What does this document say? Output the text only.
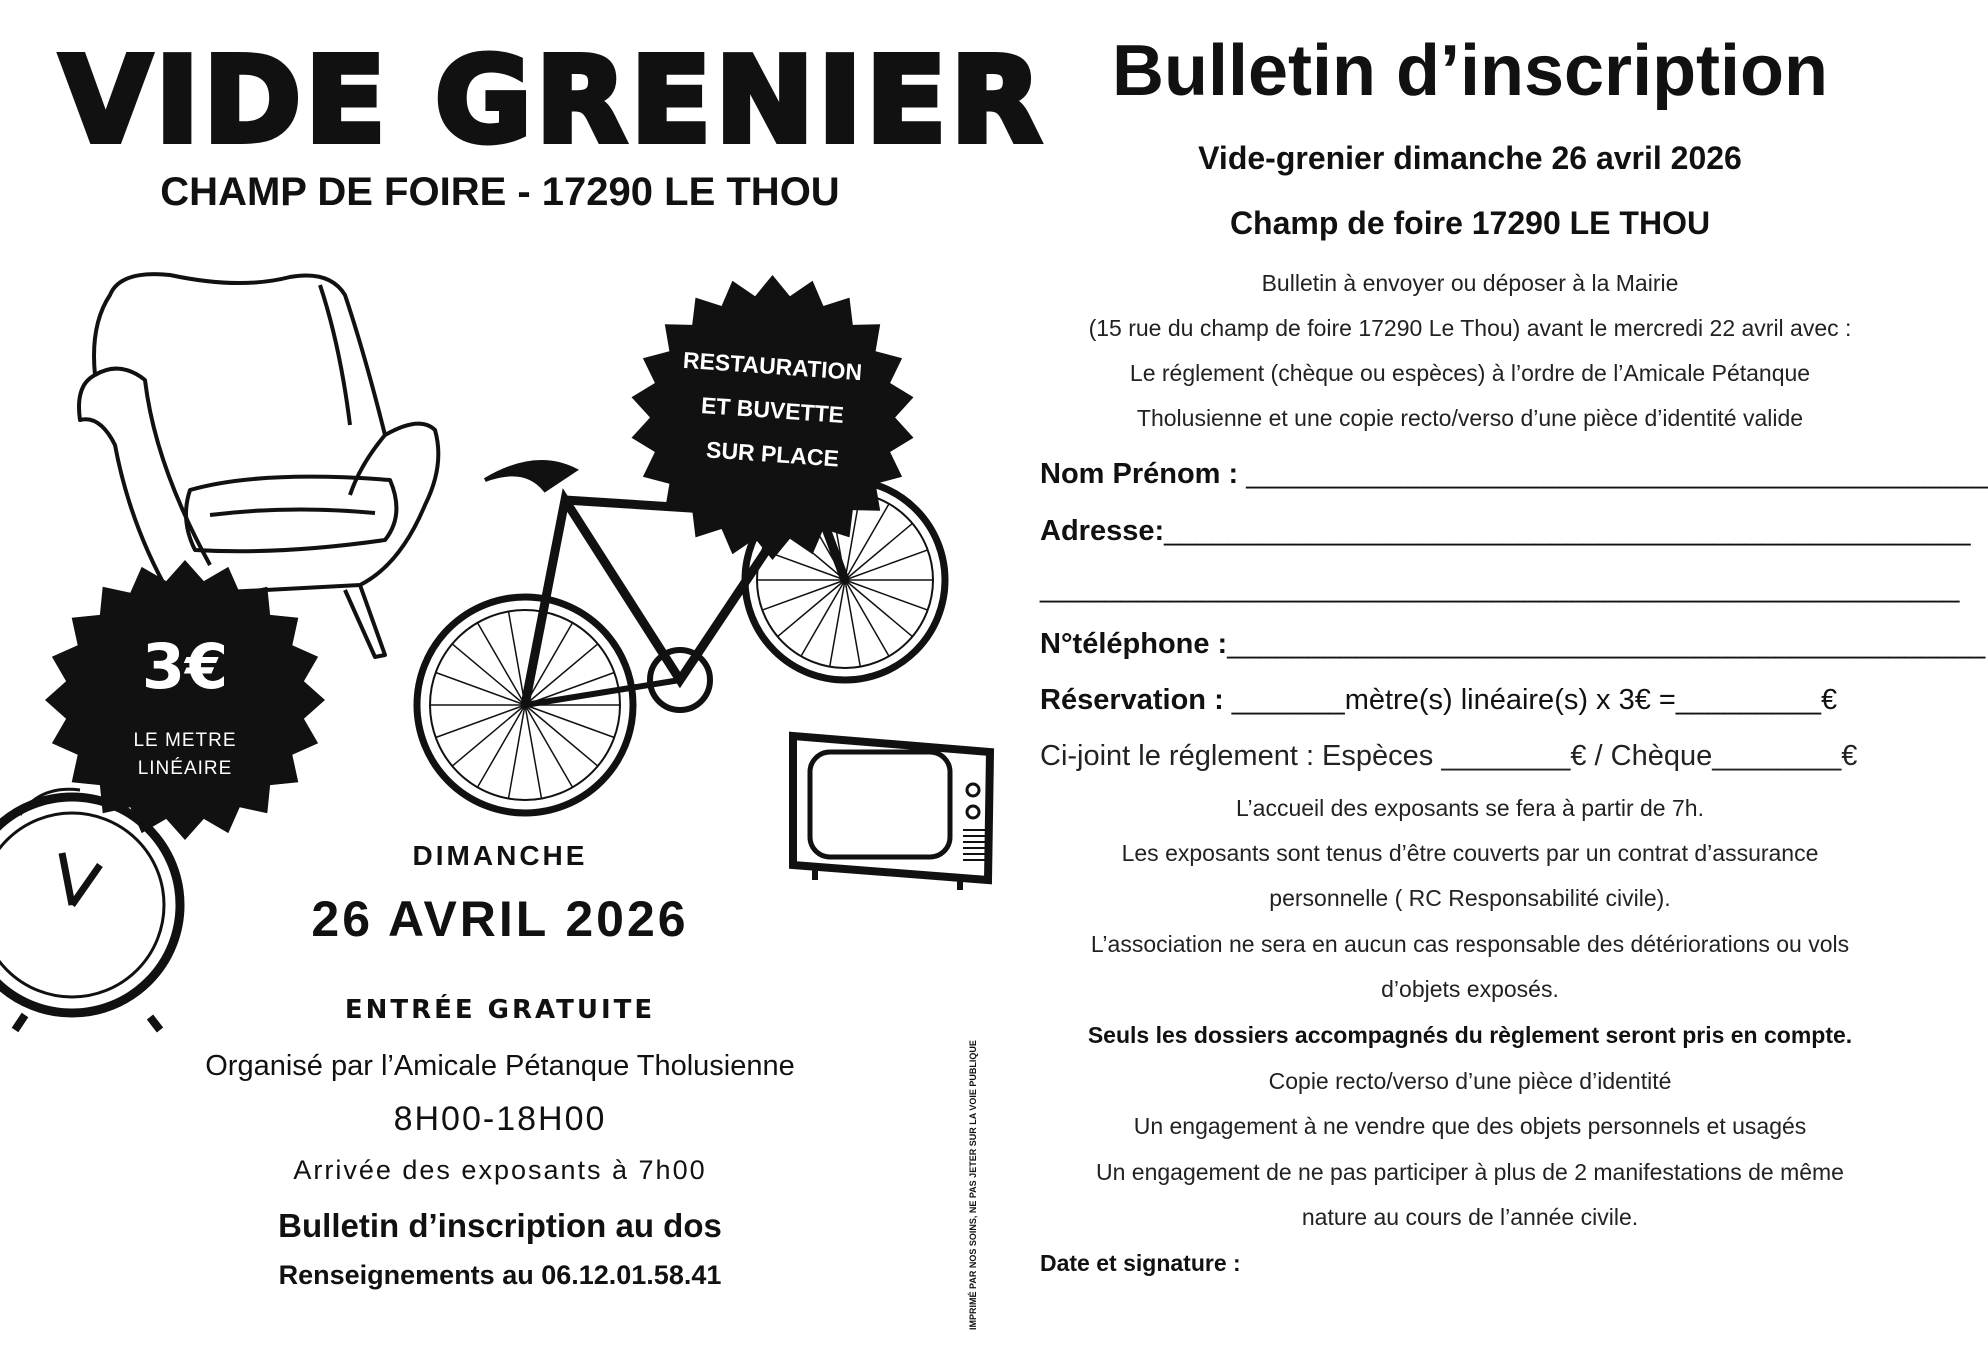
VIDE GRENIER
CHAMP DE FOIRE - 17290 LE THOU
RESTAURATION
ET BUVETTE
SUR PLACE
3€
LE METRE
LINÉAIRE
DIMANCHE
26 AVRIL 2026
ENTRÉE GRATUITE
Organisé par l’Amicale Pétanque Tholusienne
8H00-18H00
Arrivée des exposants à 7h00
Bulletin d’inscription au dos
Renseignements au 06.12.01.58.41	IMPRIMÉ PAR NOS SOINS, NE PAS JETER SUR LA VOIE PUBLIQUE
Bulletin d’inscription
Vide-grenier dimanche 26 avril 2026
Champ de foire 17290 LE THOU
Bulletin à envoyer ou déposer à la Mairie
(15 rue du champ de foire 17290 Le Thou) avant le mercredi 22 avril avec :
Le réglement (chèque ou espèces) à l’ordre de l’Amicale Pétanque
Tholusienne et une copie recto/verso d’une pièce d’identité valide
Nom Prénom : ______________________________________________
Adresse:__________________________________________________
_________________________________________________________
N°téléphone :_______________________________________________
Réservation : _______mètre(s) linéaire(s) x 3€ =_________€
Ci-joint le réglement : Espèces ________€ / Chèque________€
L’accueil des exposants se fera à partir de 7h.
Les exposants sont tenus d’être couverts par un contrat d’assurance
personnelle ( RC Responsabilité civile).
L’association ne sera en aucun cas responsable des détériorations ou vols
d’objets exposés.
Seuls les dossiers accompagnés du règlement seront pris en compte.
Copie recto/verso d’une pièce d’identité
Un engagement à ne vendre que des objets personnels et usagés
Un engagement de ne pas participer à plus de 2 manifestations de même
nature au cours de l’année civile.
Date et signature :
